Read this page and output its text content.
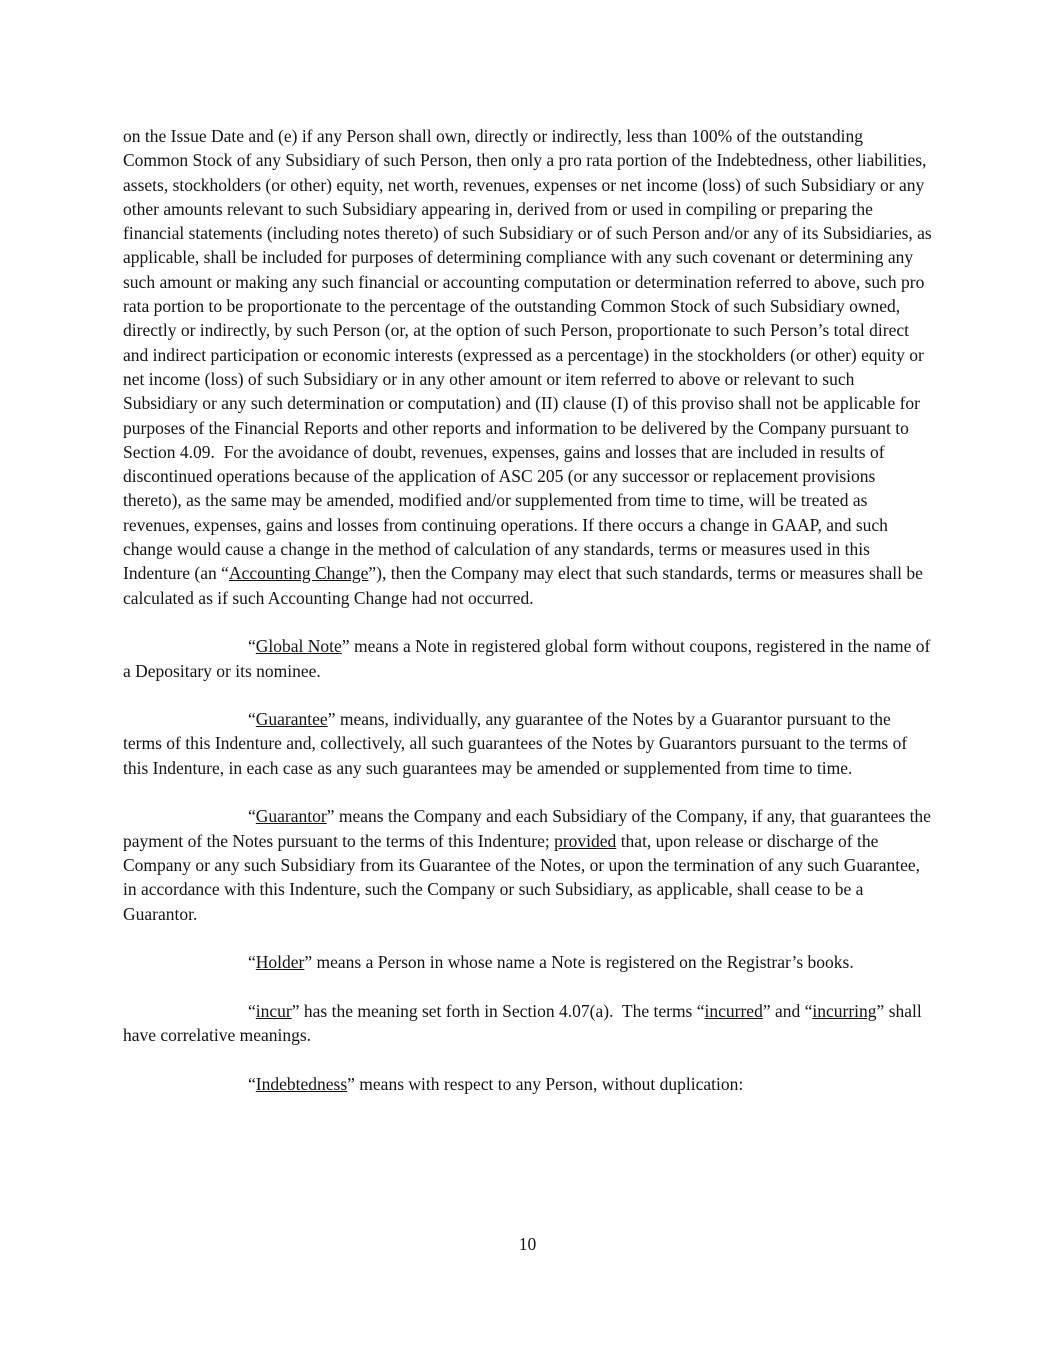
on the Issue Date and (e) if any Person shall own, directly or indirectly, less than 100% of the outstanding Common Stock of any Subsidiary of such Person, then only a pro rata portion of the Indebtedness, other liabilities, assets, stockholders (or other) equity, net worth, revenues, expenses or net income (loss) of such Subsidiary or any other amounts relevant to such Subsidiary appearing in, derived from or used in compiling or preparing the financial statements (including notes thereto) of such Subsidiary or of such Person and/or any of its Subsidiaries, as applicable, shall be included for purposes of determining compliance with any such covenant or determining any such amount or making any such financial or accounting computation or determination referred to above, such pro rata portion to be proportionate to the percentage of the outstanding Common Stock of such Subsidiary owned, directly or indirectly, by such Person (or, at the option of such Person, proportionate to such Person’s total direct and indirect participation or economic interests (expressed as a percentage) in the stockholders (or other) equity or net income (loss) of such Subsidiary or in any other amount or item referred to above or relevant to such Subsidiary or any such determination or computation) and (II) clause (I) of this proviso shall not be applicable for purposes of the Financial Reports and other reports and information to be delivered by the Company pursuant to Section 4.09.  For the avoidance of doubt, revenues, expenses, gains and losses that are included in results of discontinued operations because of the application of ASC 205 (or any successor or replacement provisions thereto), as the same may be amended, modified and/or supplemented from time to time, will be treated as revenues, expenses, gains and losses from continuing operations. If there occurs a change in GAAP, and such change would cause a change in the method of calculation of any standards, terms or measures used in this Indenture (an “Accounting Change”), then the Company may elect that such standards, terms or measures shall be calculated as if such Accounting Change had not occurred.

“Global Note” means a Note in registered global form without coupons, registered in the name of a Depositary or its nominee.

“Guarantee” means, individually, any guarantee of the Notes by a Guarantor pursuant to the terms of this Indenture and, collectively, all such guarantees of the Notes by Guarantors pursuant to the terms of this Indenture, in each case as any such guarantees may be amended or supplemented from time to time.

“Guarantor” means the Company and each Subsidiary of the Company, if any, that guarantees the payment of the Notes pursuant to the terms of this Indenture; provided that, upon release or discharge of the Company or any such Subsidiary from its Guarantee of the Notes, or upon the termination of any such Guarantee, in accordance with this Indenture, such the Company or such Subsidiary, as applicable, shall cease to be a Guarantor.

“Holder” means a Person in whose name a Note is registered on the Registrar’s books.

“incur” has the meaning set forth in Section 4.07(a).  The terms “incurred” and “incurring” shall have correlative meanings.

“Indebtedness” means with respect to any Person, without duplication:

10
